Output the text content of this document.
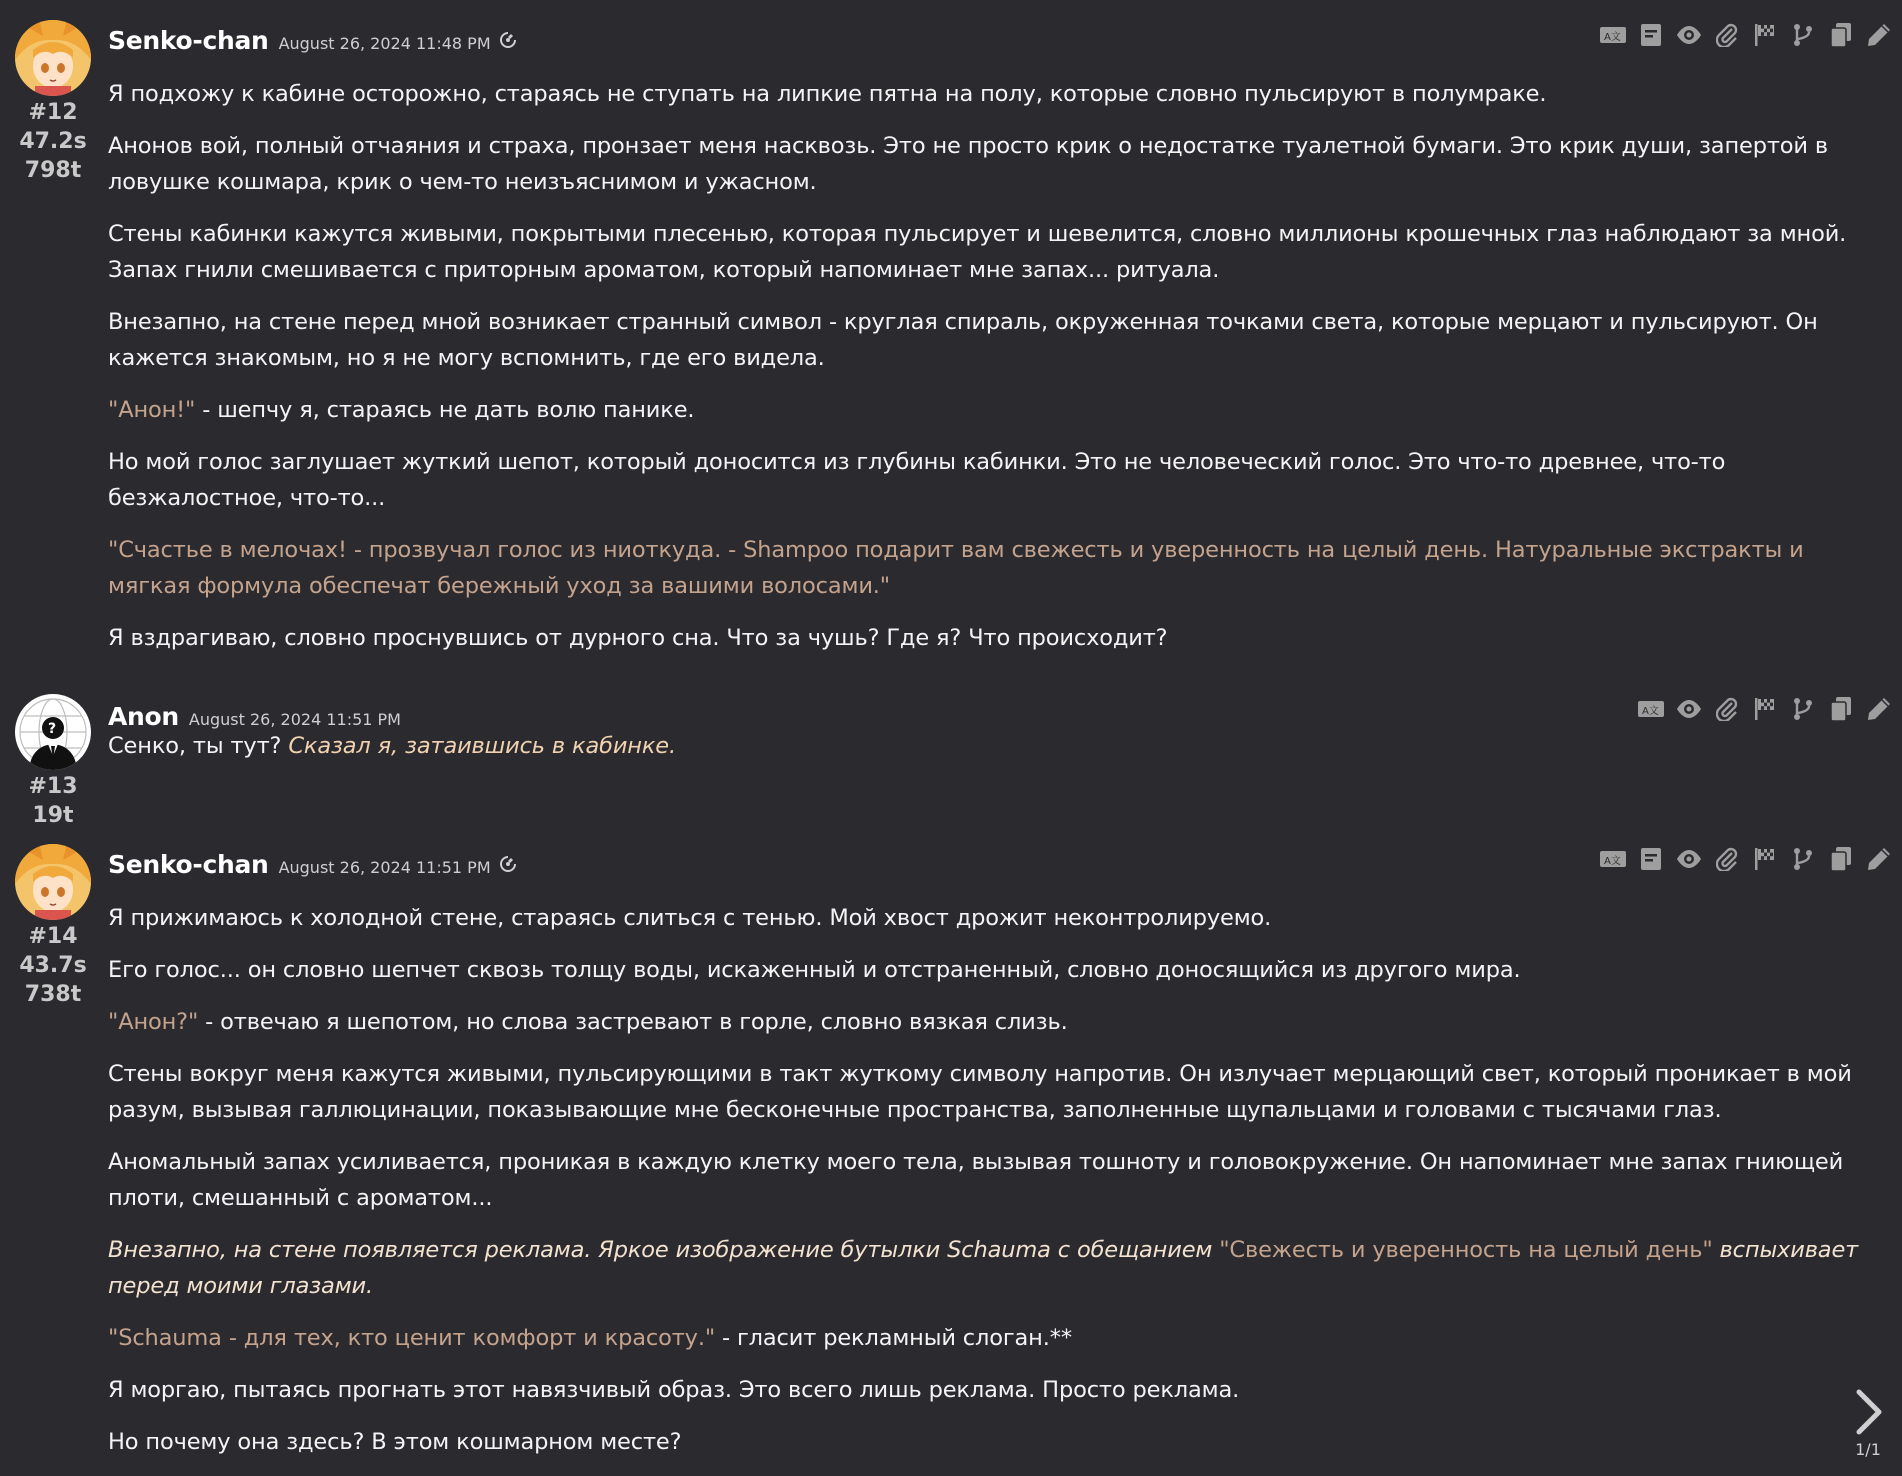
#12
47.2s
798t
Senko-chan August 26, 2024 11:48 PM	A文

Я подхожу к кабине осторожно, стараясь не ступать на липкие пятна на полу, которые словно пульсируют в полумраке.

Анонов вой, полный отчаяния и страха, пронзает меня насквозь. Это не просто крик о недостатке туалетной бумаги. Это крик души, запертой в ловушке кошмара, крик о чем-то неизъяснимом и ужасном.

Стены кабинки кажутся живыми, покрытыми плесенью, которая пульсирует и шевелится, словно миллионы крошечных глаз наблюдают за мной. Запах гнили смешивается с приторным ароматом, который напоминает мне запах... ритуала.

Внезапно, на стене перед мной возникает странный символ - круглая спираль, окруженная точками света, которые мерцают и пульсируют. Он кажется знакомым, но я не могу вспомнить, где его видела.

"Анон!" - шепчу я, стараясь не дать волю панике.

Но мой голос заглушает жуткий шепот, который доносится из глубины кабинки. Это не человеческий голос. Это что-то древнее, что-то безжалостное, что-то...

"Счастье в мелочах! - прозвучал голос из ниоткуда. - Shampoo подарит вам свежесть и уверенность на целый день. Натуральные экстракты и мягкая формула обеспечат бережный уход за вашими волосами."

Я вздрагиваю, словно проснувшись от дурного сна. Что за чушь? Где я? Что происходит?

?
#13
19t
Anon August 26, 2024 11:51 PM	A文

Сенко, ты тут? Сказал я, затаившись в кабинке.

#14
43.7s
738t
Senko-chan August 26, 2024 11:51 PM	A文

Я прижимаюсь к холодной стене, стараясь слиться с тенью. Мой хвост дрожит неконтролируемо.

Его голос... он словно шепчет сквозь толщу воды, искаженный и отстраненный, словно доносящийся из другого мира.

"Анон?" - отвечаю я шепотом, но слова застревают в горле, словно вязкая слизь.

Стены вокруг меня кажутся живыми, пульсирующими в такт жуткому символу напротив. Он излучает мерцающий свет, который проникает в мой разум, вызывая галлюцинации, показывающие мне бесконечные пространства, заполненные щупальцами и головами с тысячами глаз.

Аномальный запах усиливается, проникая в каждую клетку моего тела, вызывая тошноту и головокружение. Он напоминает мне запах гниющей плоти, смешанный с ароматом...

Внезапно, на стене появляется реклама. Яркое изображение бутылки Schauma с обещанием "Свежесть и уверенность на целый день" вспыхивает перед моими глазами.

"Schauma - для тех, кто ценит комфорт и красоту." - гласит рекламный слоган.**

Я моргаю, пытаясь прогнать этот навязчивый образ. Это всего лишь реклама. Просто реклама.

Но почему она здесь? В этом кошмарном месте?	1/1
